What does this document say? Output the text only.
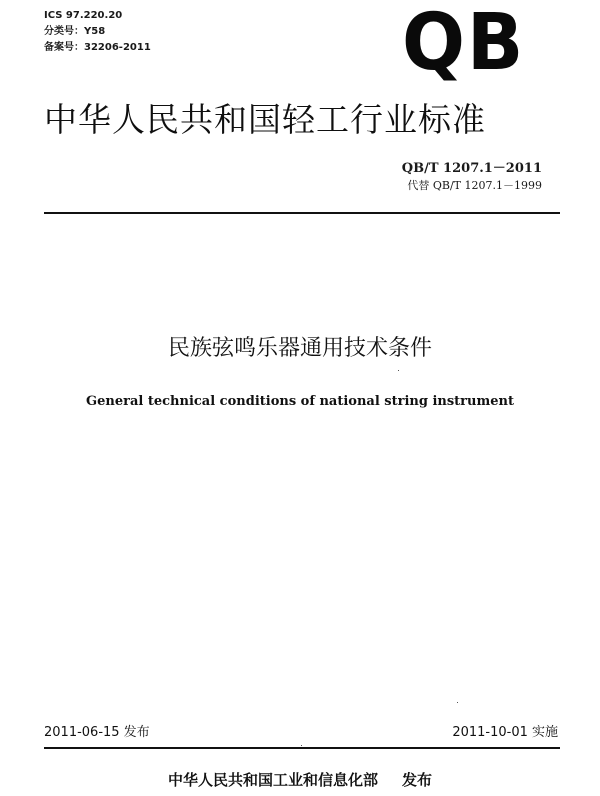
ICS 97.220.20
分类号：Y58
备案号：32206-2011	QB
中华人民共和国轻工行业标准
QB/T 1207.1－2011
代替 QB/T 1207.1－1999
民族弦鸣乐器通用技术条件
General technical conditions of national string instrument
2011-06-15 发布	2011-10-01 实施
中华人民共和国工业和信息化部 发布
